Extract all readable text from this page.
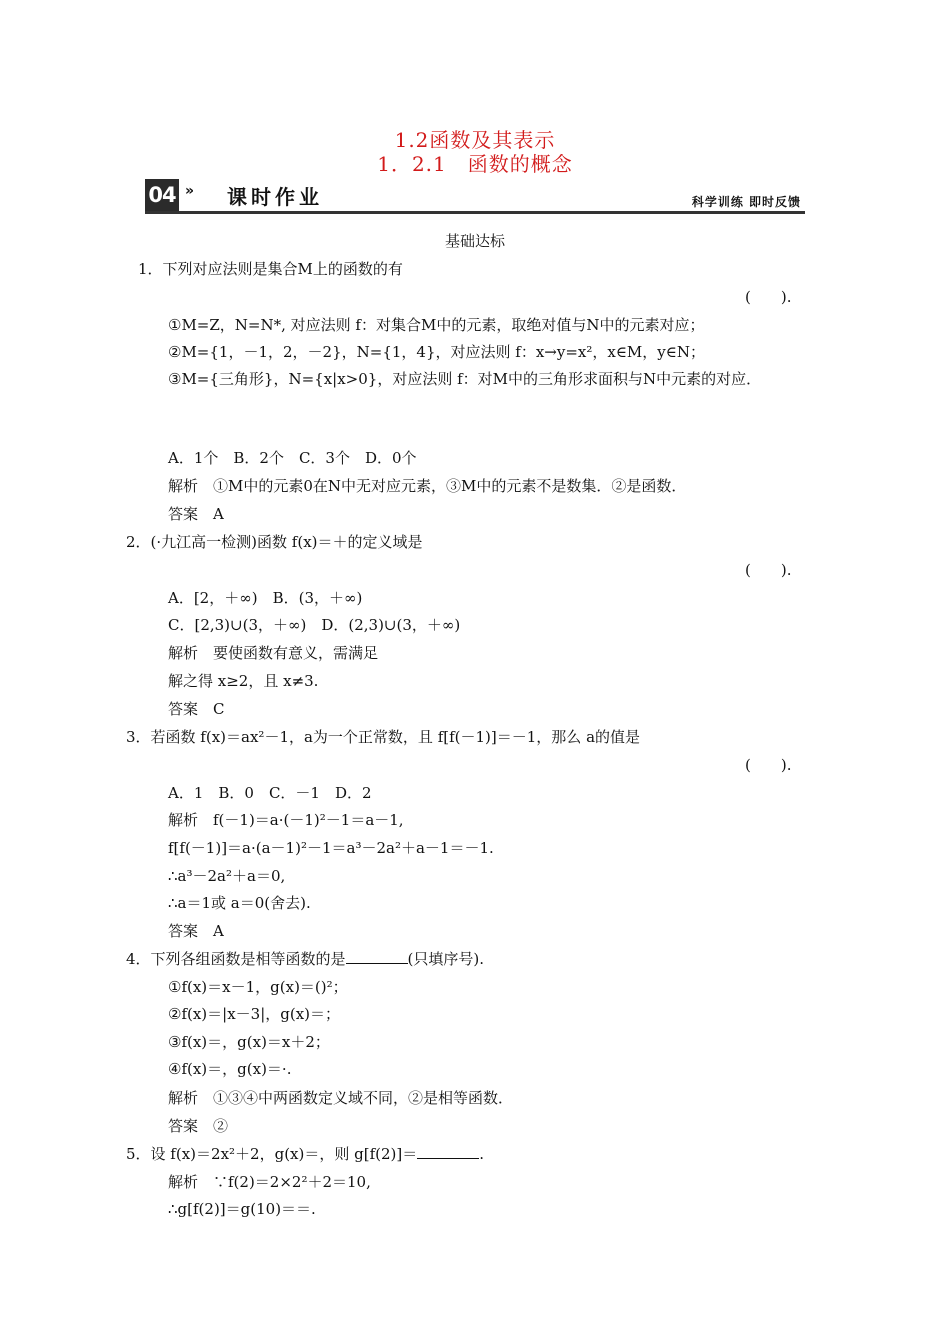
1.2函数及其表示
1．2.1　函数的概念
04 » 课时作业	科学训练 即时反馈
基础达标
1．下列对应法则是集合M上的函数的有
(　　).
①M=Z，N=N*, 对应法则 f：对集合M中的元素，取绝对值与N中的元素对应；
②M={1，－1，2，－2}，N={1，4}，对应法则 f：x→y=x²，x∈M，y∈N；
③M={三角形}，N={x|x>0}，对应法则 f：对M中的三角形求面积与N中元素的对应．
A．1个　B．2个　C．3个　D．0个
解析　①M中的元素0在N中无对应元素，③M中的元素不是数集．②是函数．
答案　A
2．(·九江高一检测)函数 f(x)＝＋的定义域是
(　　).
A．[2，＋∞)　B．(3，＋∞)
C．[2,3)∪(3，＋∞)　D．(2,3)∪(3，＋∞)
解析　要使函数有意义，需满足
解之得 x≥2，且 x≠3.
答案　C
3．若函数 f(x)＝ax²－1，a为一个正常数，且 f[f(－1)]＝－1，那么 a的值是
(　　).
A．1　B．0　C．－1　D．2
解析　f(－1)＝a·(－1)²－1＝a－1,
f[f(－1)]＝a·(a－1)²－1＝a³－2a²＋a－1＝－1.
∴a³－2a²＋a＝0,
∴a＝1或 a＝0(舍去).
答案　A
4．下列各组函数是相等函数的是	(只填序号).
①f(x)＝x－1，g(x)＝()²；
②f(x)＝|x－3|，g(x)＝；
③f(x)＝，g(x)＝x＋2；
④f(x)＝，g(x)＝·.
解析　①③④中两函数定义域不同，②是相等函数．
答案　②
5．设 f(x)＝2x²＋2，g(x)＝，则 g[f(2)]＝	.
解析　∵f(2)＝2×2²＋2＝10,
∴g[f(2)]＝g(10)＝＝.
